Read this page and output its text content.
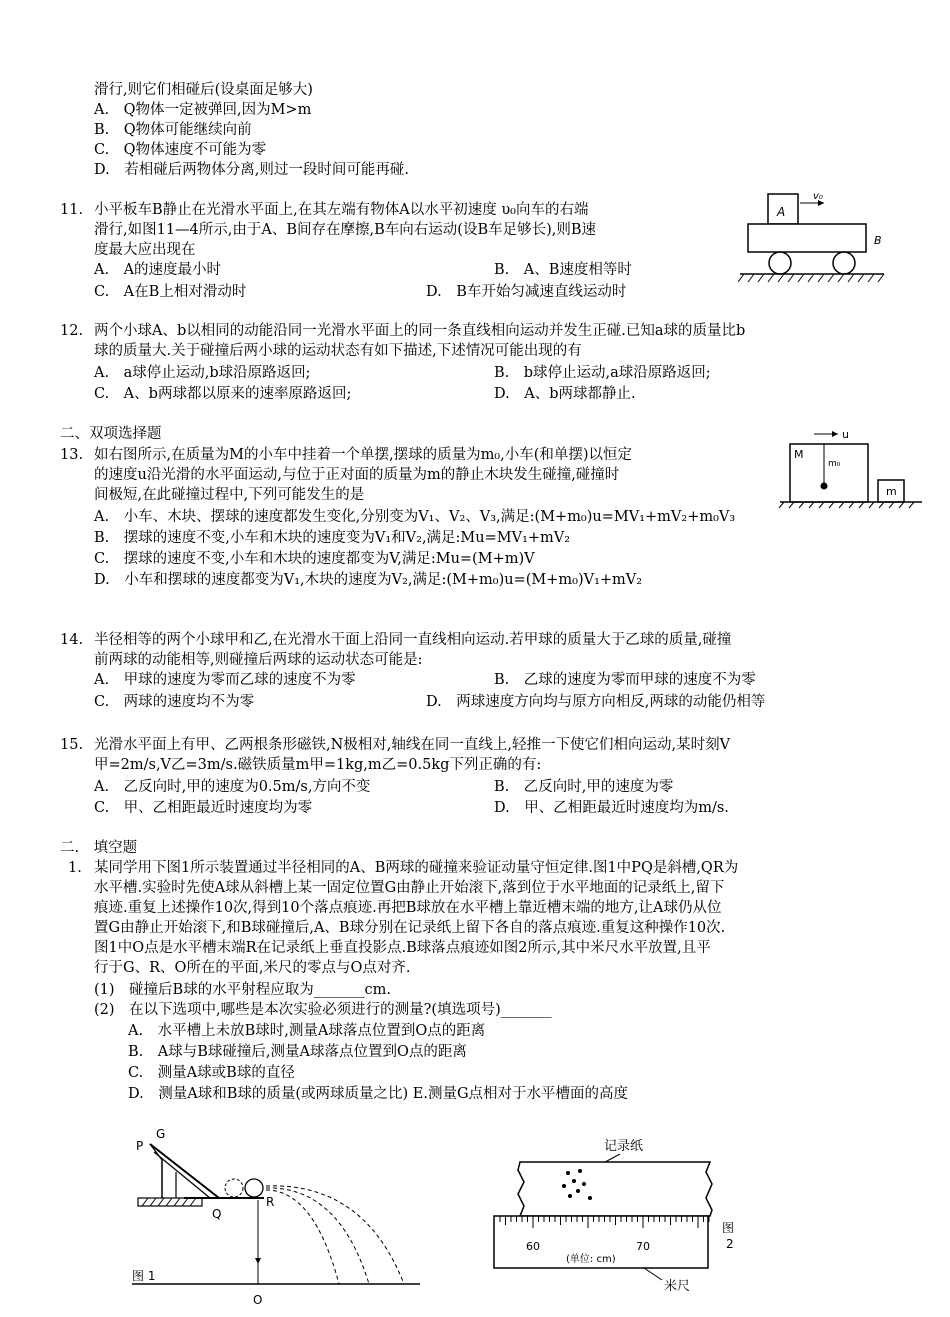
滑行,则它们相碰后(设桌面足够大)
A.　Q物体一定被弹回,因为M>m
B.　Q物体可能继续向前
C.　Q物体速度不可能为零
D.　若相碰后两物体分离,则过一段时间可能再碰.
11. 小平板车B静止在光滑水平面上,在其左端有物体A以水平初速度 υ₀向车的右端
滑行,如图11—4所示,由于A、B间存在摩擦,B车向右运动(设B车足够长),则B速
度最大应出现在
A.　A的速度最小时	B.　A、B速度相等时
C.　A在B上相对滑动时	D.　B车开始匀减速直线运动时
A
v₀
B
12. 两个小球A、b以相同的动能沿同一光滑水平面上的同一条直线相向运动并发生正碰.已知a球的质量比b
球的质量大.关于碰撞后两小球的运动状态有如下描述,下述情况可能出现的有
A.　a球停止运动,b球沿原路返回;	B.　b球停止运动,a球沿原路返回;
C.　A、b两球都以原来的速率原路返回;	D.　A、b两球都静止.
二、双项选择题
13. 如右图所示,在质量为M的小车中挂着一个单摆,摆球的质量为m₀,小车(和单摆)以恒定
的速度u沿光滑的水平面运动,与位于正对面的质量为m的静止木块发生碰撞,碰撞时
间极短,在此碰撞过程中,下列可能发生的是
A.　小车、木块、摆球的速度都发生变化,分别变为V₁、V₂、V₃,满足:(M+m₀)u=MV₁+mV₂+m₀V₃
B.　摆球的速度不变,小车和木块的速度变为V₁和V₂,满足:Mu=MV₁+mV₂
C.　摆球的速度不变,小车和木块的速度都变为V,满足:Mu=(M+m)V
D.　小车和摆球的速度都变为V₁,木块的速度为V₂,满足:(M+m₀)u=(M+m₀)V₁+mV₂
u
M
m₀
m
14. 半径相等的两个小球甲和乙,在光滑水干面上沿同一直线相向运动.若甲球的质量大于乙球的质量,碰撞
前两球的动能相等,则碰撞后两球的运动状态可能是:
A.　甲球的速度为零而乙球的速度不为零	B.　乙球的速度为零而甲球的速度不为零
C.　两球的速度均不为零	D.　两球速度方向均与原方向相反,两球的动能仍相等
15. 光滑水平面上有甲、乙两根条形磁铁,N极相对,轴线在同一直线上,轻推一下使它们相向运动,某时刻V
甲=2m/s,V乙=3m/s.磁铁质量m甲=1kg,m乙=0.5kg下列正确的有:
A.　乙反向时,甲的速度为0.5m/s,方向不变	B.　乙反向时,甲的速度为零
C.　甲、乙相距最近时速度均为零	D.　甲、乙相距最近时速度均为m/s.
二.　填空题
1. 某同学用下图1所示装置通过半径相同的A、B两球的碰撞来验证动量守恒定律.图1中PQ是斜槽,QR为
水平槽.实验时先使A球从斜槽上某一固定位置G由静止开始滚下,落到位于水平地面的记录纸上,留下
痕迹.重复上述操作10次,得到10个落点痕迹.再把B球放在水平槽上靠近槽末端的地方,让A球仍从位
置G由静止开始滚下,和B球碰撞后,A、B球分别在记录纸上留下各自的落点痕迹.重复这种操作10次.
图1中O点是水平槽末端R在记录纸上垂直投影点.B球落点痕迹如图2所示,其中米尺水平放置,且平
行于G、R、O所在的平面,米尺的零点与O点对齐.
(1)　碰撞后B球的水平射程应取为_______cm.
(2)　在以下选项中,哪些是本次实验必须进行的测量?(填选项号)_______
A.　水平槽上未放B球时,测量A球落点位置到O点的距离
B.　A球与B球碰撞后,测量A球落点位置到O点的距离
C.　测量A球或B球的直径
D.　测量A球和B球的质量(或两球质量之比) E.测量G点相对于水平槽面的高度
P
G
Q
R
图 1
O
记录纸
60	70
(单位: cm)
图
2
米尺
